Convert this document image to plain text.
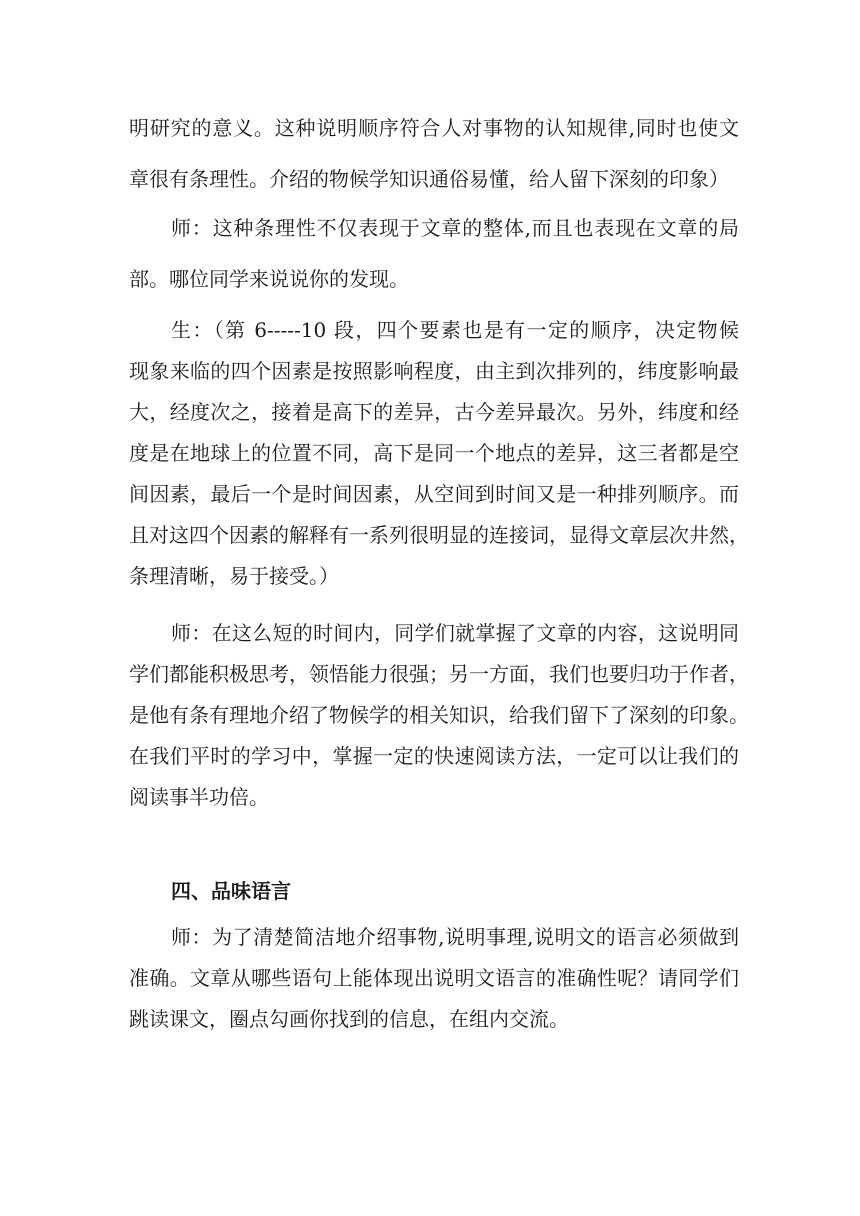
明研究的意义。这种说明顺序符合人对事物的认知规律,同时也使文
章很有条理性。介绍的物候学知识通俗易懂，给人留下深刻的印象）
师：这种条理性不仅表现于文章的整体,而且也表现在文章的局
部。哪位同学来说说你的发现。
生：（第 6-----10 段，四个要素也是有一定的顺序，决定物候
现象来临的四个因素是按照影响程度，由主到次排列的，纬度影响最
大，经度次之，接着是高下的差异，古今差异最次。另外，纬度和经
度是在地球上的位置不同，高下是同一个地点的差异，这三者都是空
间因素，最后一个是时间因素，从空间到时间又是一种排列顺序。而
且对这四个因素的解释有一系列很明显的连接词，显得文章层次井然，
条理清晰，易于接受。）
师：在这么短的时间内，同学们就掌握了文章的内容，这说明同
学们都能积极思考，领悟能力很强；另一方面，我们也要归功于作者，
是他有条有理地介绍了物候学的相关知识，给我们留下了深刻的印象。
在我们平时的学习中，掌握一定的快速阅读方法，一定可以让我们的
阅读事半功倍。
四、品味语言
师：为了清楚简洁地介绍事物,说明事理,说明文的语言必须做到
准确。文章从哪些语句上能体现出说明文语言的准确性呢？请同学们
跳读课文，圈点勾画你找到的信息，在组内交流。
